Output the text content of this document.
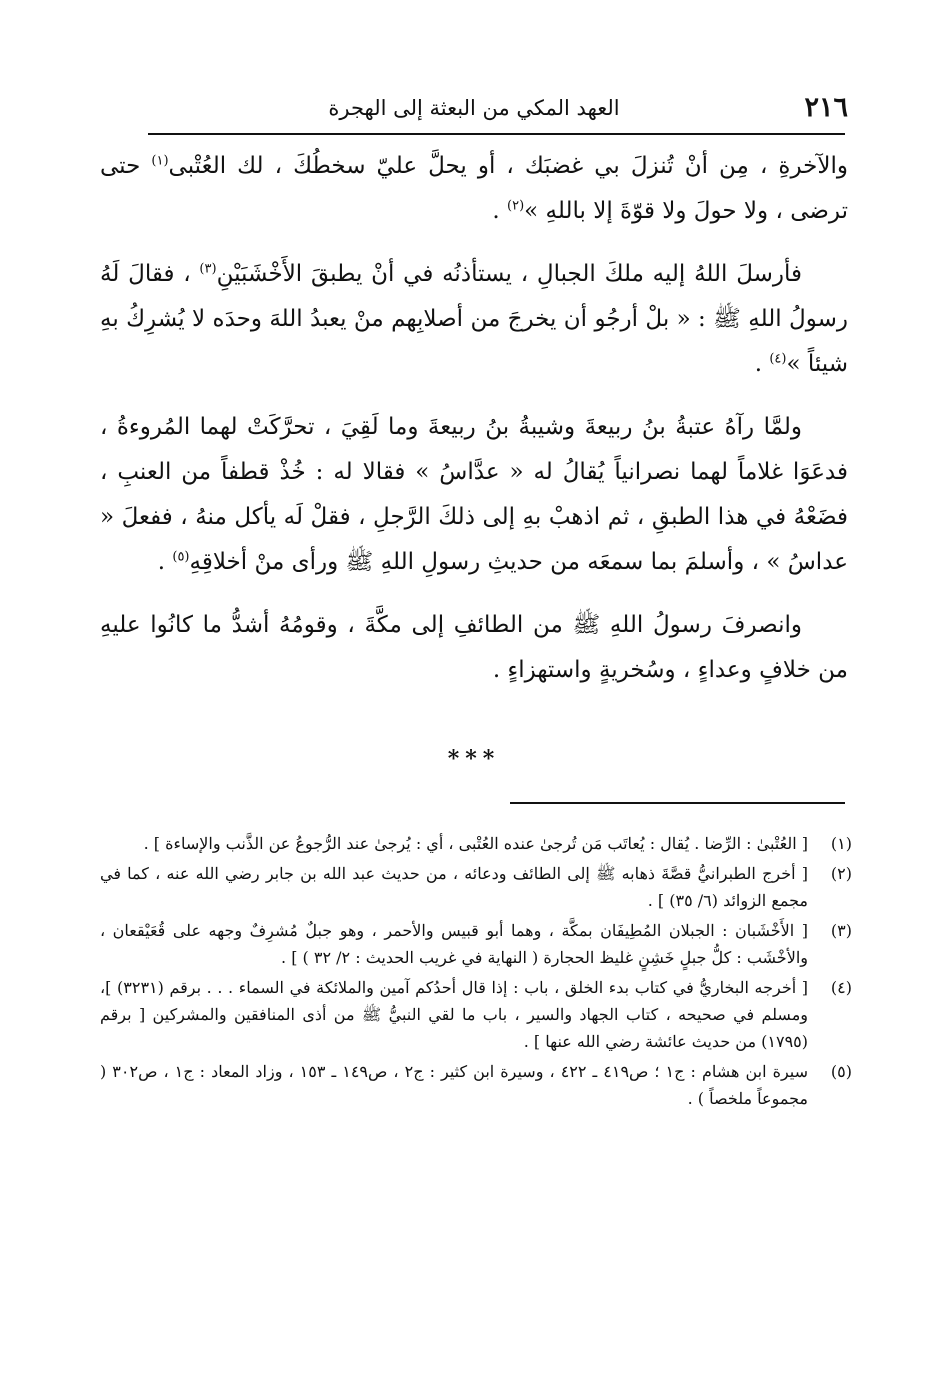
٢١٦
العهد المكي من البعثة إلى الهجرة

والآخرةِ ، مِن أنْ تُنزلَ بي غضبَك ، أو يحلَّ عليّ سخطُكَ ، لك العُتْبى$^{(١)}$ حتى ترضى ، ولا حولَ ولا قوّةَ إلا باللهِ »$^{(٢)}$ .

فأرسلَ اللهُ إليه ملكَ الجبالِ ، يستأذنُه في أنْ يطبقَ الأَخْشَبَيْنِ$^{(٣)}$ ، فقالَ لَهُ رسولُ اللهِ ﷺ : « بلْ أرجُو أن يخرجَ من أصلابِهم منْ يعبدُ اللهَ وحدَه لا يُشرِكُ بهِ شيئاً »$^{(٤)}$ .

ولمَّا رآهُ عتبةُ بنُ ربيعةَ وشيبةُ بنُ ربيعةَ وما لَقِيَ ، تحرَّكَتْ لهما المُروءةُ ، فدعَوَا غلاماً لهما نصرانياً يُقالُ له « عدَّاسُ » فقالا له : خُذْ قطفاً من العنبِ ، فضَعْهُ في هذا الطبقِ ، ثم اذهبْ بهِ إلى ذلكَ الرَّجلِ ، فقلْ لَه يأكل منهُ ، ففعلَ « عداسُ » ، وأسلمَ بما سمعَه من حديثِ رسولِ اللهِ ﷺ ورأى منْ أخلاقِهِ$^{(٥)}$ .

وانصرفَ رسولُ اللهِ ﷺ من الطائفِ إلى مكَّةَ ، وقومُهُ أشدُّ ما كانُوا عليهِ من خلافٍ وعداءٍ ، وسُخريةٍ واستهزاءٍ .

***
(١)
[ العُتْبىٰ : الرِّضا . يُقال : يُعاتَب مَن تُرجىٰ عنده العُتْبى ، أي : يُرجىٰ عند الرُّجوعُ عن الذَّنب والإساءة ] .
(٢)
[ أخرج الطبرانيُّ قصَّةَ ذهابه ﷺ إلى الطائف ودعائه ، من حديث عبد الله بن جابر رضي الله عنه ، كما في مجمع الزوائد (٦/ ٣٥) ] .
(٣)
[ الأَخْشَبان : الجبلان المُطِيفَان بمكَّة ، وهما أبو قبيس والأحمر ، وهو جبلٌ مُشرِفٌ وجهه على قُعَيْقعان ، والأخْشَب : كلُّ جبلٍ خَشِنٍ غليظ الحجارة ( النهاية في غريب الحديث : ٢/ ٣٢ ) ] .
(٤)
[ أخرجه البخاريُّ في كتاب بدء الخلق ، باب : إذا قال أحدُكم آمين والملائكة في السماء . . . برقم (٣٢٣١) ]، ومسلم في صحيحه ، كتاب الجهاد والسير ، باب ما لقي النبيُّ ﷺ من أذى المنافقين والمشركين [ برقم (١٧٩٥) من حديث عائشة رضي الله عنها ] .
(٥)
سيرة ابن هشام : ج١ ؛ ص٤١٩ ـ ٤٢٢ ، وسيرة ابن كثير : ج٢ ، ص١٤٩ ـ ١٥٣ ، وزاد المعاد : ج١ ، ص٣٠٢ ( مجموعاً ملخصاً ) .
